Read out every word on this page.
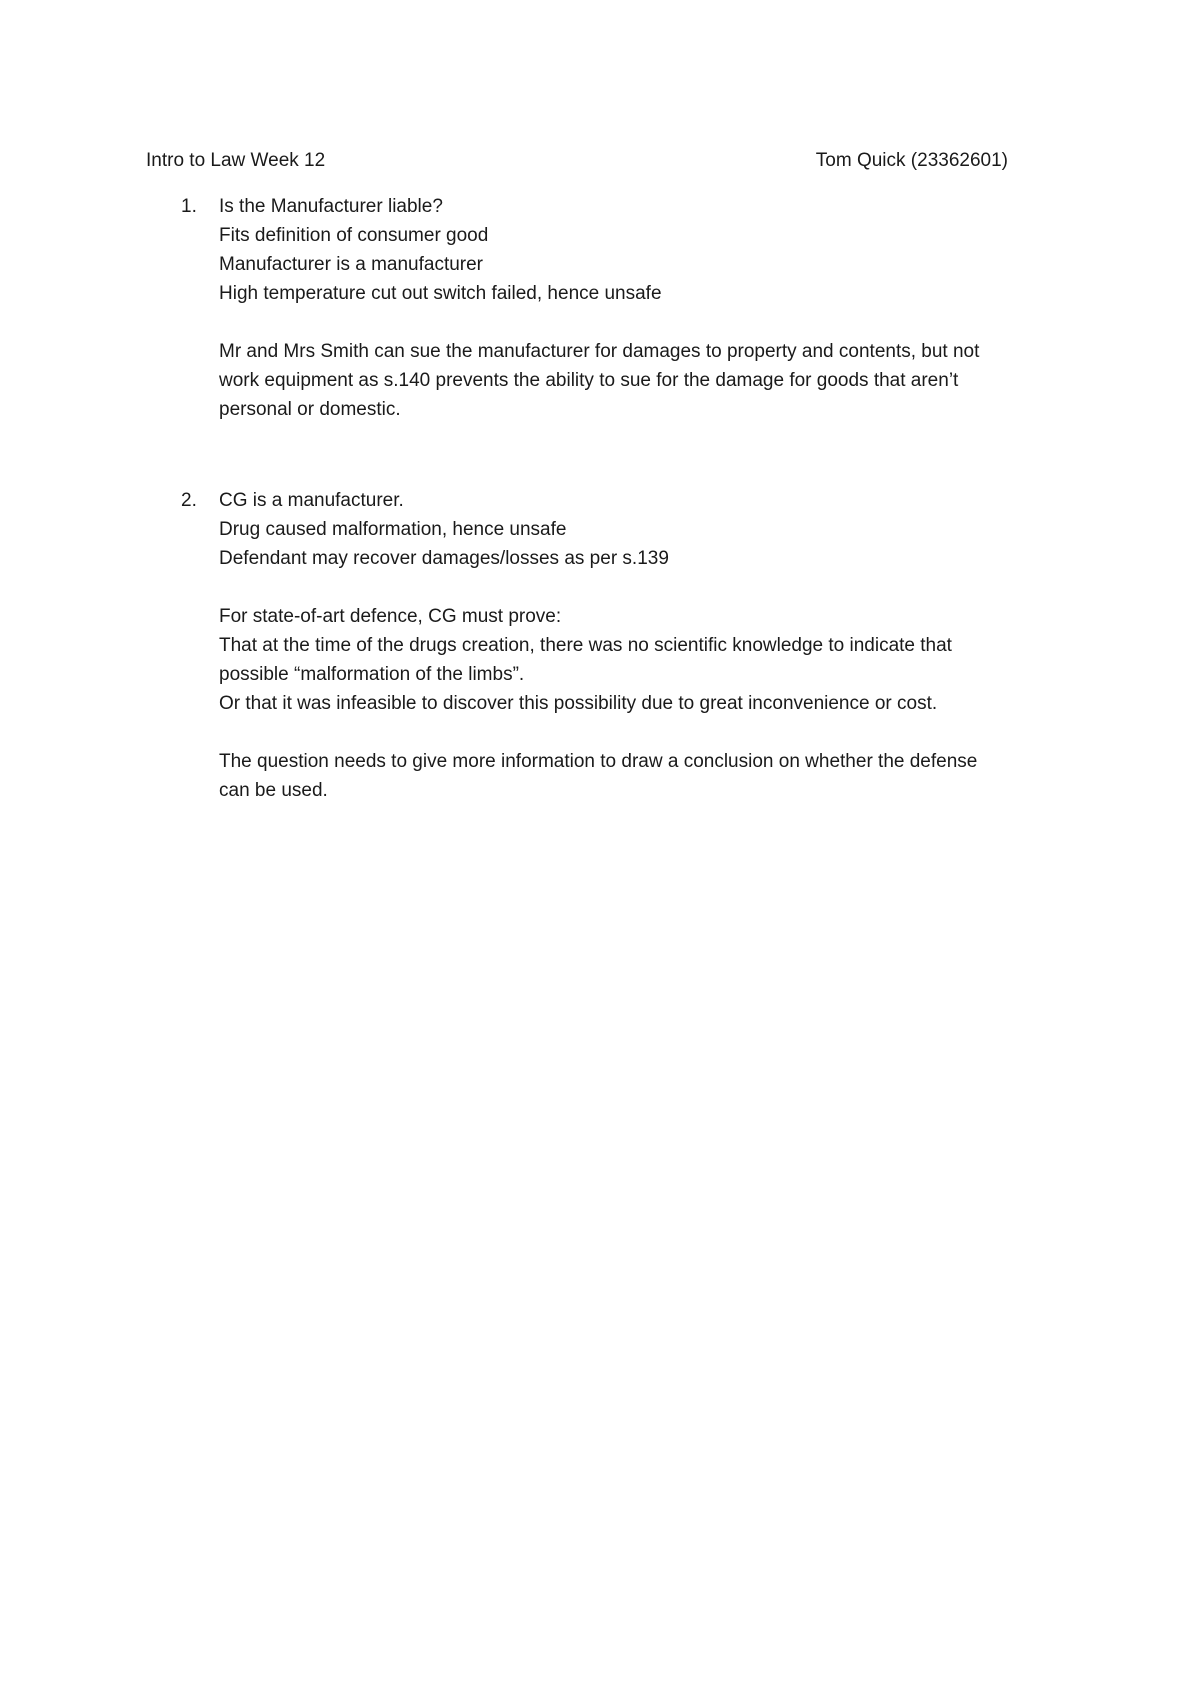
Intro to Law Week 12	Tom Quick (23362601)
1. Is the Manufacturer liable?
Fits definition of consumer good
Manufacturer is a manufacturer
High temperature cut out switch failed, hence unsafe
Mr and Mrs Smith can sue the manufacturer for damages to property and contents, but not
work equipment as s.140 prevents the ability to sue for the damage for goods that aren’t
personal or domestic.
2. CG is a manufacturer.
Drug caused malformation, hence unsafe
Defendant may recover damages/losses as per s.139
For state-of-art defence, CG must prove:
That at the time of the drugs creation, there was no scientific knowledge to indicate that
possible “malformation of the limbs”.
Or that it was infeasible to discover this possibility due to great inconvenience or cost.
The question needs to give more information to draw a conclusion on whether the defense
can be used.
